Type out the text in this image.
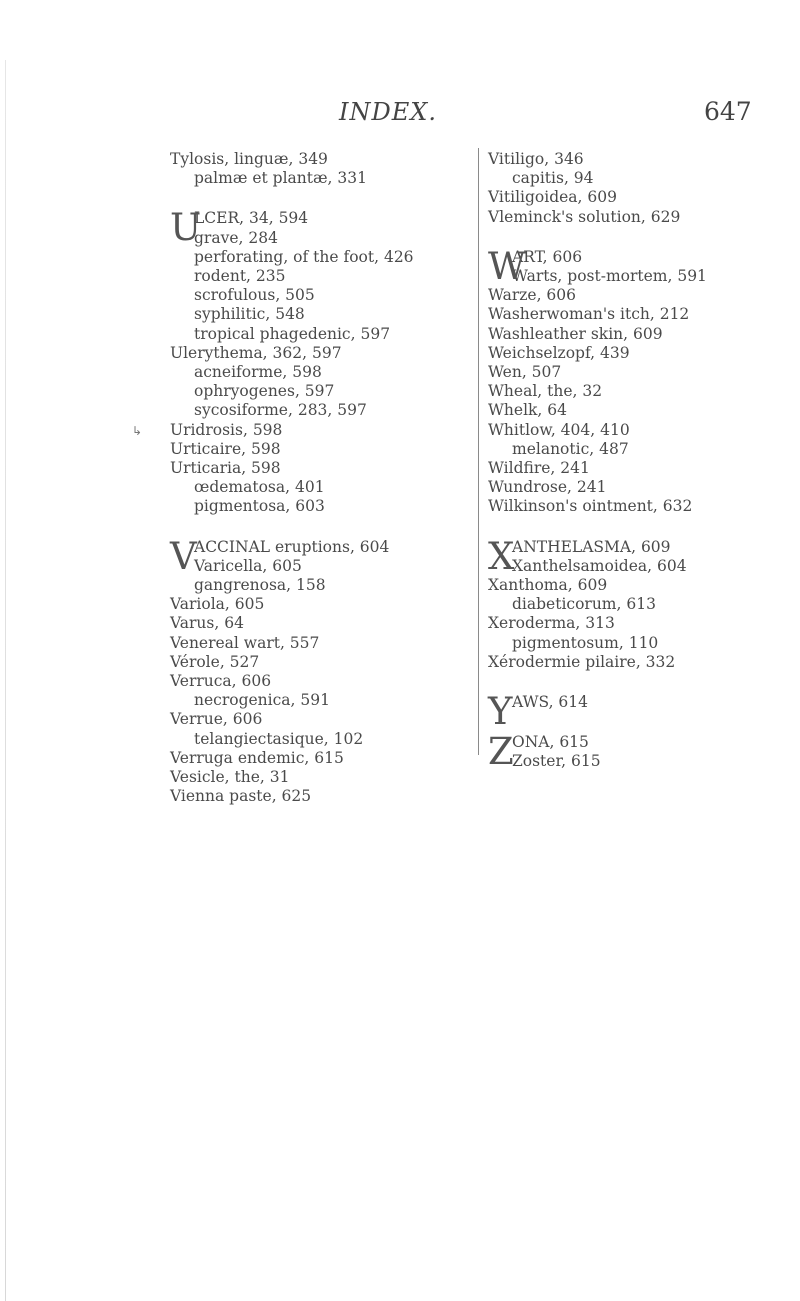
INDEX.	647
↳
Tylosis, linguæ, 349
palmæ et plantæ, 331
U
LCER, 34, 594
grave, 284
perforating, of the foot, 426
rodent, 235
scrofulous, 505
syphilitic, 548
tropical phagedenic, 597
Ulerythema, 362, 597
acneiforme, 598
ophryogenes, 597
sycosiforme, 283, 597
Uridrosis, 598
Urticaire, 598
Urticaria, 598
œdematosa, 401
pigmentosa, 603
V
ACCINAL eruptions, 604
Varicella, 605
gangrenosa, 158
Variola, 605
Varus, 64
Venereal wart, 557
Vérole, 527
Verruca, 606
necrogenica, 591
Verrue, 606
telangiectasique, 102
Verruga endemic, 615
Vesicle, the, 31
Vienna paste, 625
Vitiligo, 346
capitis, 94
Vitiligoidea, 609
Vleminck's solution, 629
W
ART, 606
Warts, post-mortem, 591
Warze, 606
Washerwoman's itch, 212
Washleather skin, 609
Weichselzopf, 439
Wen, 507
Wheal, the, 32
Whelk, 64
Whitlow, 404, 410
melanotic, 487
Wildfire, 241
Wundrose, 241
Wilkinson's ointment, 632
X
ANTHELASMA, 609
Xanthelsamoidea, 604
Xanthoma, 609
diabeticorum, 613
Xeroderma, 313
pigmentosum, 110
Xérodermie pilaire, 332
Y AWS, 614
Z
ONA, 615
Zoster, 615
